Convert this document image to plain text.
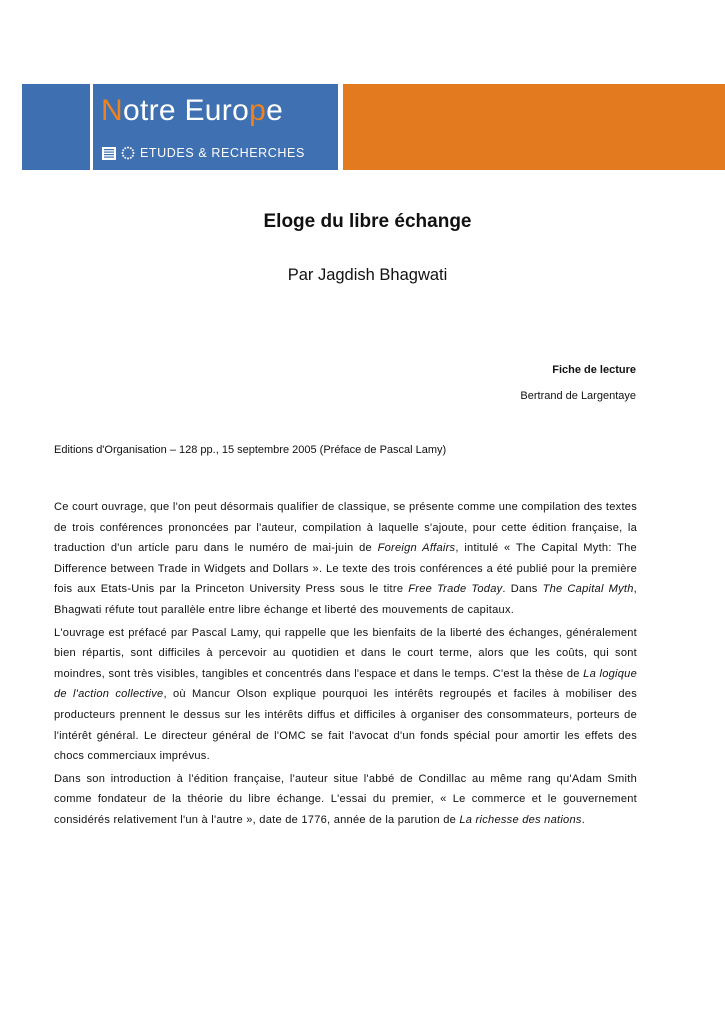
Notre Europe
ETUDES & RECHERCHES
Eloge du libre échange
Par Jagdish Bhagwati
Fiche de lecture
Bertrand de Largentaye
Editions d'Organisation – 128 pp., 15 septembre 2005 (Préface de Pascal Lamy)

Ce court ouvrage, que l'on peut désormais qualifier de classique, se présente comme une compilation des textes de trois conférences prononcées par l'auteur, compilation à laquelle s'ajoute, pour cette édition française, la traduction d'un article paru dans le numéro de mai-juin de Foreign Affairs, intitulé « The Capital Myth: The Difference between Trade in Widgets and Dollars ». Le texte des trois conférences a été publié pour la première fois aux Etats-Unis par la Princeton University Press sous le titre Free Trade Today. Dans The Capital Myth, Bhagwati réfute tout parallèle entre libre échange et liberté des mouvements de capitaux.

L'ouvrage est préfacé par Pascal Lamy, qui rappelle que les bienfaits de la liberté des échanges, généralement bien répartis, sont difficiles à percevoir au quotidien et dans le court terme, alors que les coûts, qui sont moindres, sont très visibles, tangibles et concentrés dans l'espace et dans le temps. C'est la thèse de La logique de l'action collective, où Mancur Olson explique pourquoi les intérêts regroupés et faciles à mobiliser des producteurs prennent le dessus sur les intérêts diffus et difficiles à organiser des consommateurs, porteurs de l'intérêt général. Le directeur général de l'OMC se fait l'avocat d'un fonds spécial pour amortir les effets des chocs commerciaux imprévus.

Dans son introduction à l'édition française, l'auteur situe l'abbé de Condillac au même rang qu'Adam Smith comme fondateur de la théorie du libre échange. L'essai du premier, « Le commerce et le gouvernement considérés relativement l'un à l'autre », date de 1776, année de la parution de La richesse des nations.
